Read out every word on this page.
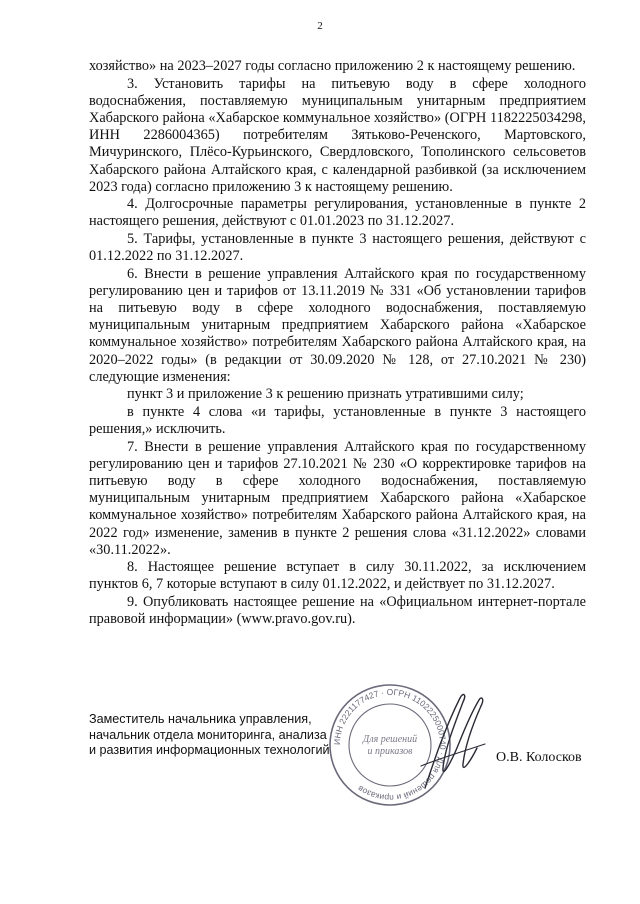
2

хозяйство» на 2023–2027 годы согласно приложению 2 к настоящему решению.

3. Установить тарифы на питьевую воду в сфере холодного водоснабжения, поставляемую муниципальным унитарным предприятием Хабарского района «Хабарское коммунальное хозяйство» (ОГРН 1182225034298, ИНН 2286004365) потребителям Зятьково-Реченского, Мартовского, Мичуринского, Плёсо-Курьинского, Свердловского, Тополинского сельсоветов Хабарского района Алтайского края, с календарной разбивкой (за исключением 2023 года) согласно приложению 3 к настоящему решению.

4. Долгосрочные параметры регулирования, установленные в пункте 2 настоящего решения, действуют с 01.01.2023 по 31.12.2027.

5. Тарифы, установленные в пункте 3 настоящего решения, действуют с 01.12.2022 по 31.12.2027.

6. Внести в решение управления Алтайского края по государственному регулированию цен и тарифов от 13.11.2019 № 331 «Об установлении тарифов на питьевую воду в сфере холодного водоснабжения, поставляемую муниципальным унитарным предприятием Хабарского района «Хабарское коммунальное хозяйство» потребителям Хабарского района Алтайского края, на 2020–2022 годы» (в редакции от 30.09.2020 № 128, от 27.10.2021 № 230) следующие изменения:

пункт 3 и приложение 3 к решению признать утратившими силу;

в пункте 4 слова «и тарифы, установленные в пункте 3 настоящего решения,» исключить.

7. Внести в решение управления Алтайского края по государственному регулированию цен и тарифов 27.10.2021 № 230 «О корректировке тарифов на питьевую воду в сфере холодного водоснабжения, поставляемую муниципальным унитарным предприятием Хабарского района «Хабарское коммунальное хозяйство» потребителям Хабарского района Алтайского края, на 2022 год» изменение, заменив в пункте 2 решения слова «31.12.2022» словами «30.11.2022».

8. Настоящее решение вступает в силу 30.11.2022, за исключением пунктов 6, 7 которые вступают в силу 01.12.2022, и действует по 31.12.2027.

9. Опубликовать настоящее решение на «Официальном интернет-портале правовой информации» (www.pravo.gov.ru).

Заместитель начальника управления,
начальник отдела мониторинга, анализа
и развития информационных технологий
ИНН 2221177427 · ОГРН 1102225000740 · Для решений и приказов
Для решений
и приказов	О.В. Колосков
